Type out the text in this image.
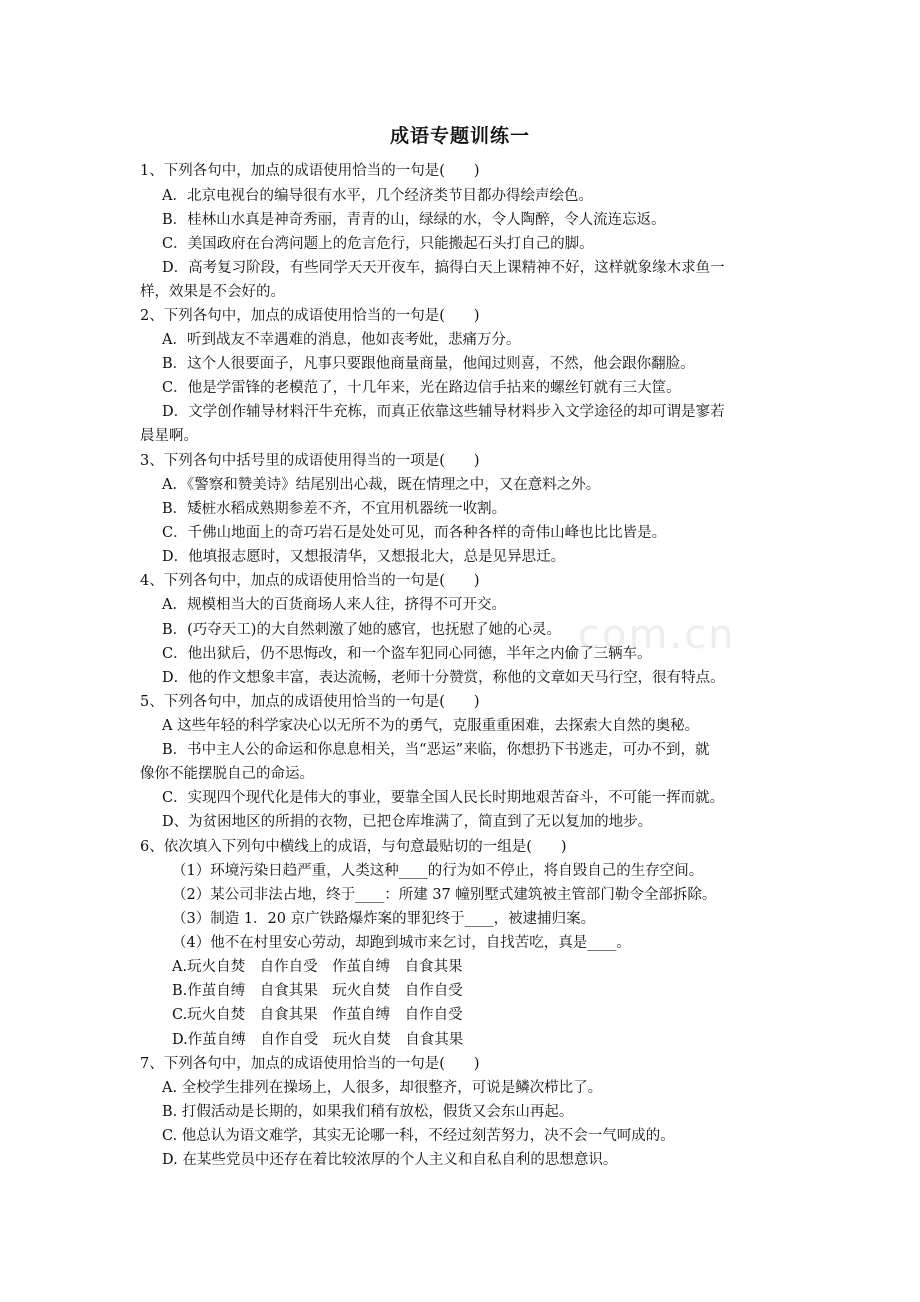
com.cn
成语专题训练一
1、下列各句中，加点的成语使用恰当的一句是(　　)
A．北京电视台的编导很有水平，几个经济类节目都办得绘声绘色。
B．桂林山水真是神奇秀丽，青青的山，绿绿的水，令人陶醉，令人流连忘返。
C．美国政府在台湾问题上的危言危行，只能搬起石头打自己的脚。
D．高考复习阶段，有些同学天天开夜车，搞得白天上课精神不好，这样就象缘木求鱼一
样，效果是不会好的。
2、下列各句中，加点的成语使用恰当的一句是(　　)
A．听到战友不幸遇难的消息，他如丧考妣，悲痛万分。
B．这个人很要面子，凡事只要跟他商量商量，他闻过则喜，不然，他会跟你翻脸。
C．他是学雷锋的老模范了，十几年来，光在路边信手拈来的螺丝钉就有三大筐。
D．文学创作辅导材料汗牛充栋，而真正依靠这些辅导材料步入文学途径的却可谓是寥若
晨星啊。
3、下列各句中括号里的成语使用得当的一项是(　　)
A．《警察和赞美诗》结尾别出心裁，既在情理之中，又在意料之外。
B．矮桩水稻成熟期参差不齐，不宜用机器统一收割。
C．千佛山地面上的奇巧岩石是处处可见，而各种各样的奇伟山峰也比比皆是。
D．他填报志愿时，又想报清华，又想报北大，总是见异思迁。
4、下列各句中，加点的成语使用恰当的一句是(　　)
A．规模相当大的百货商场人来人往，挤得不可开交。
B．(巧夺天工)的大自然刺激了她的感官，也抚慰了她的心灵。
C．他出狱后，仍不思悔改，和一个盗车犯同心同德，半年之内偷了三辆车。
D．他的作文想象丰富，表达流畅，老师十分赞赏，称他的文章如天马行空，很有特点。
5、下列各句中，加点的成语使用恰当的一句是(　　)
A 这些年轻的科学家决心以无所不为的勇气，克服重重困难，去探索大自然的奥秘。
B．书中主人公的命运和你息息相关，当“恶运”来临，你想扔下书逃走，可办不到，就
像你不能摆脱自己的命运。
C．实现四个现代化是伟大的事业，要靠全国人民长时期地艰苦奋斗，不可能一挥而就。
D、为贫困地区的所捐的衣物，已把仓库堆满了，简直到了无以复加的地步。
6、依次填入下列句中横线上的成语，与句意最贴切的一组是(　　)
（1）环境污染日趋严重，人类这种____的行为如不停止，将自毁自己的生存空间。
（2）某公司非法占地，终于____：所建 37 幢别墅式建筑被主管部门勒令全部拆除。
（3）制造 1．20 京广铁路爆炸案的罪犯终于____，被逮捕归案。
（4）他不在村里安心劳动，却跑到城市来乞讨，自找苦吃，真是____。
A.玩火自焚　自作自受　作茧自缚　自食其果
B.作茧自缚　自食其果　玩火自焚　自作自受
C.玩火自焚　自食其果　作茧自缚　自作自受
D.作茧自缚　自作自受　玩火自焚　自食其果
7、下列各句中，加点的成语使用恰当的一句是(　　)
A. 全校学生排列在操场上，人很多，却很整齐，可说是鳞次栉比了。
B. 打假活动是长期的，如果我们稍有放松，假货又会东山再起。
C. 他总认为语文难学，其实无论哪一科，不经过刻苦努力，决不会一气呵成的。
D. 在某些党员中还存在着比较浓厚的个人主义和自私自利的思想意识。
